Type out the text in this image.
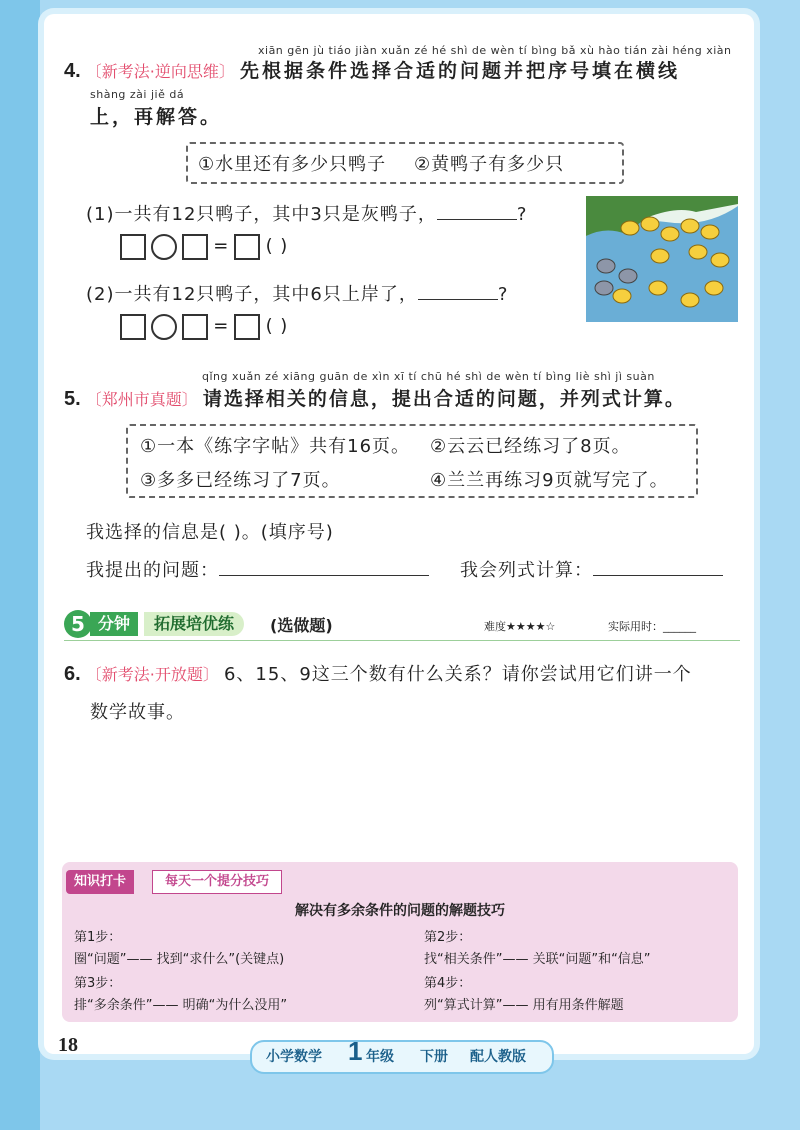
xiān gēn jù tiáo jiàn xuǎn zé hé shì de wèn tí bìng bǎ xù hào tián zài héng xiàn
4. 〔新考法·逆向思维〕 先根据条件选择合适的问题并把序号填在横线
shàng zài jiě dá
上，再解答。
①水里还有多少只鸭子 ②黄鸭子有多少只
(1)一共有12只鸭子，其中3只是灰鸭子，	?
= ( )
(2)一共有12只鸭子，其中6只上岸了，	?
= ( )
qǐng xuǎn zé xiāng guān de xìn xī tí chū hé shì de wèn tí bìng liè shì jì suàn
5. 〔郑州市真题〕 请选择相关的信息，提出合适的问题，并列式计算。
①一本《练字字帖》共有16页。 ②云云已经练习了8页。
③多多已经练习了7页。	④兰兰再练习9页就写完了。
我选择的信息是( )。(填序号)
我提出的问题：	我会列式计算：
5 分钟	拓展培优练	(选做题)	难度★★★★☆	实际用时：______
6. 〔新考法·开放题〕 6、15、9这三个数有什么关系？请你尝试用它们讲一个
数学故事。
知识打卡	每天一个提分技巧
解决有多余条件的问题的解题技巧
第1步：
圈“问题”—— 找到“求什么”(关键点)
第3步：
排“多余条件”—— 明确“为什么没用”
第2步：
找“相关条件”—— 关联“问题”和“信息”
第4步：
列“算式计算”—— 用有用条件解题
18
小学数学 1 年级 下册 配人教版
